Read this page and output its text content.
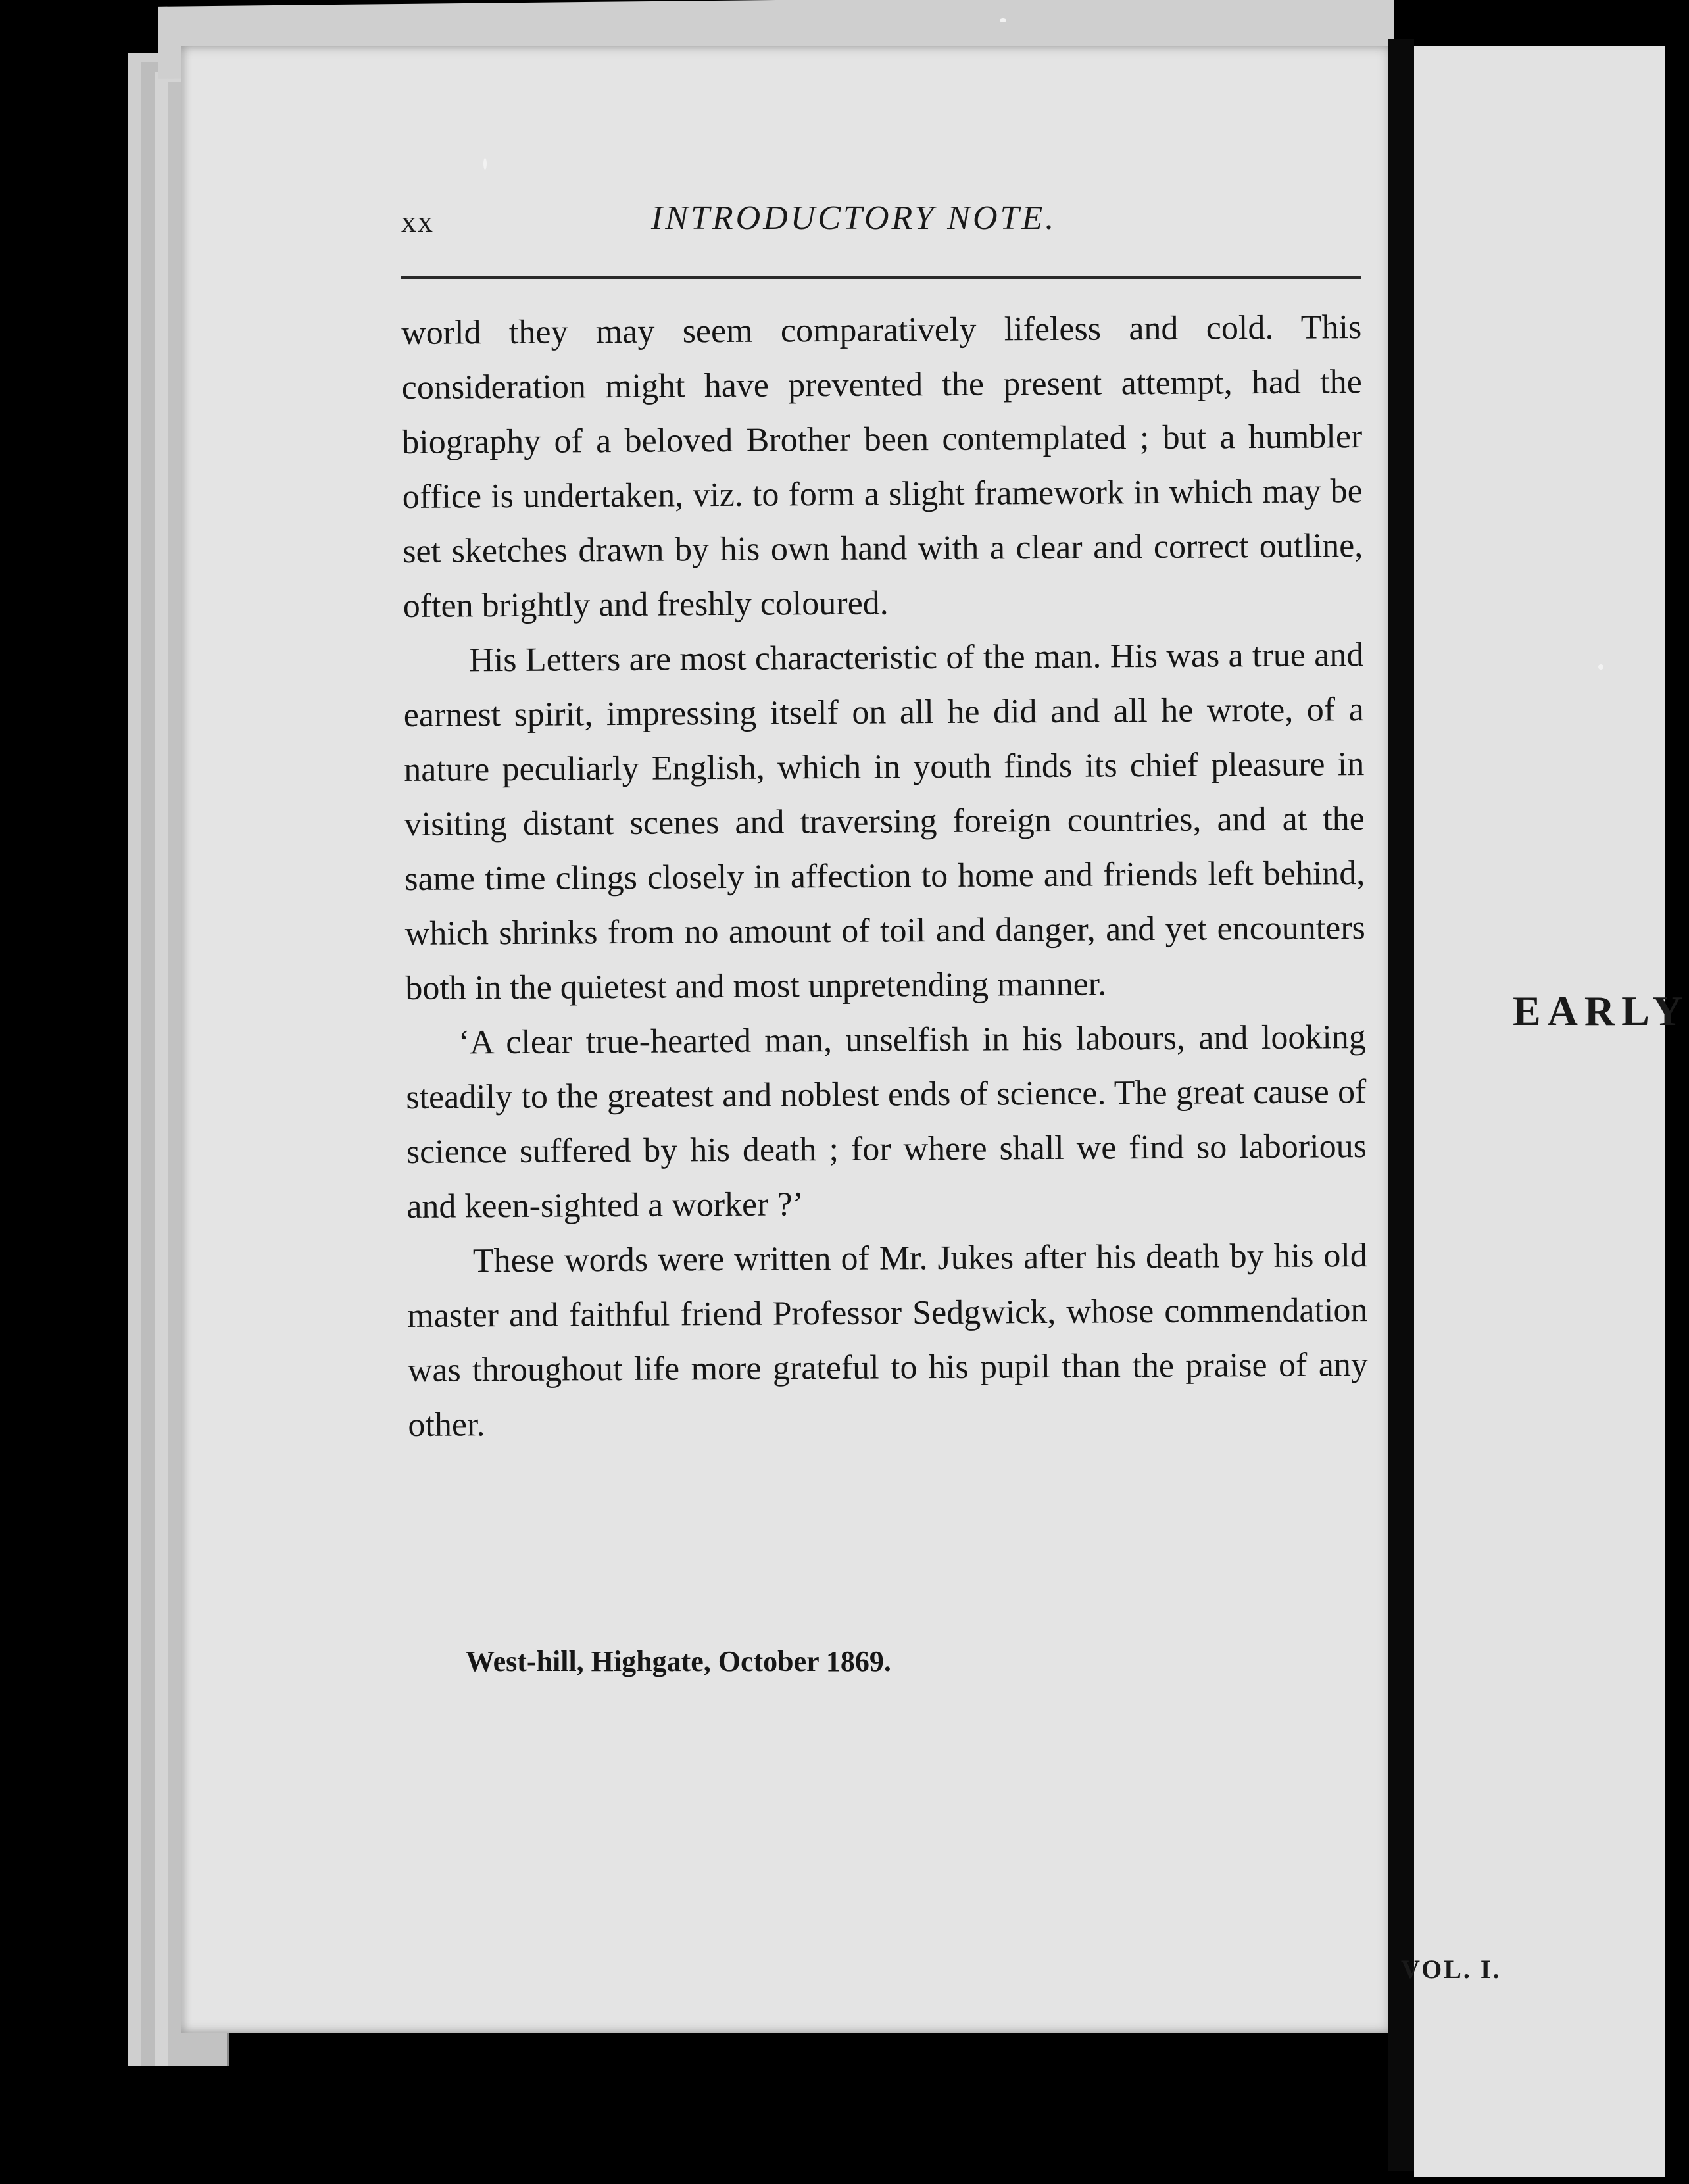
xx	INTRODUCTORY NOTE.

world they may seem comparatively lifeless and cold. This consideration might have prevented the present attempt, had the biography of a beloved Brother been contemplated ; but a humbler office is undertaken, viz. to form a slight framework in which may be set sketches drawn by his own hand with a clear and correct outline, often brightly and freshly coloured.

His Letters are most characteristic of the man. His was a true and earnest spirit, impressing itself on all he did and all he wrote, of a nature peculiarly English, which in youth finds its chief pleasure in visiting distant scenes and traversing foreign countries, and at the same time clings closely in affection to home and friends left behind, which shrinks from no amount of toil and danger, and yet encounters both in the quietest and most unpretending manner.

‘A clear true-hearted man, unselfish in his labours, and looking steadily to the greatest and noblest ends of science. The great cause of science suffered by his death ; for where shall we find so laborious and keen-sighted a worker ?’

These words were written of Mr. Jukes after his death by his old master and faithful friend Professor Sedgwick, whose commendation was throughout life more grateful to his pupil than the praise of any other.

West-hill, Highgate, October 1869.
EARLY
VOL. I.
